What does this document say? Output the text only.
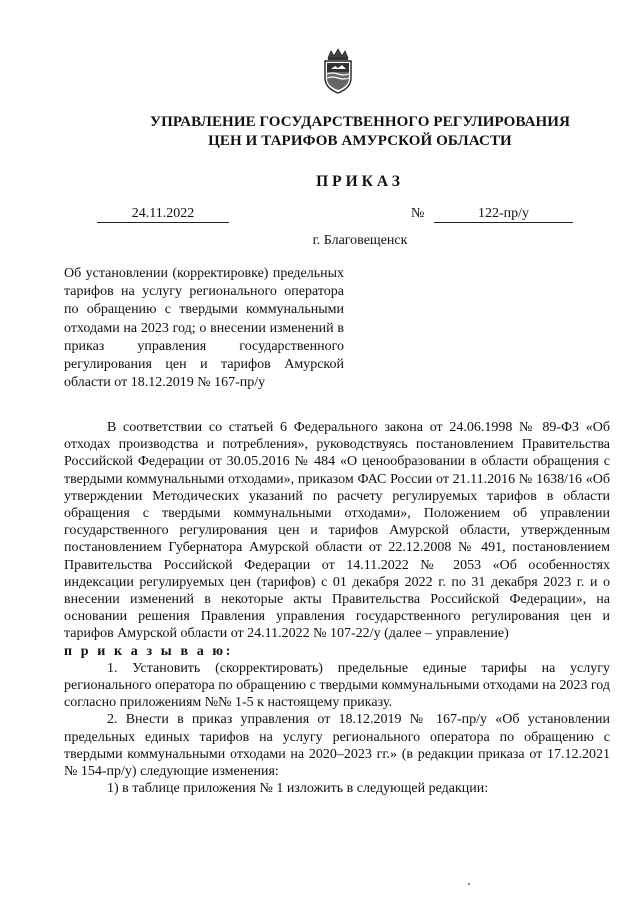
УПРАВЛЕНИЕ ГОСУДАРСТВЕННОГО РЕГУЛИРОВАНИЯ
ЦЕН И ТАРИФОВ АМУРСКОЙ ОБЛАСТИ
ПРИКАЗ
24.11.2022	№	122-пр/у
г. Благовещенск
Об установлении (корректировке) предельных тарифов на услугу регионального оператора по обращению с твердыми коммунальными отходами на 2023 год; о внесении изменений в приказ управления государственного регулирования цен и тарифов Амурской области от 18.12.2019 № 167-пр/у

В соответствии со статьей 6 Федерального закона от 24.06.1998 № 89-ФЗ «Об отходах производства и потребления», руководствуясь постановлением Правительства Российской Федерации от 30.05.2016 № 484 «О ценообразовании в области обращения с твердыми коммунальными отходами», приказом ФАС России от 21.11.2016 № 1638/16 «Об утверждении Методических указаний по расчету регулируемых тарифов в области обращения с твердыми коммунальными отходами», Положением об управлении государственного регулирования цен и тарифов Амурской области, утвержденным постановлением Губернатора Амурской области от 22.12.2008 № 491, постановлением Правительства Российской Федерации от 14.11.2022 № 2053 «Об особенностях индексации регулируемых цен (тарифов) с 01 декабря 2022 г. по 31 декабря 2023 г. и о внесении изменений в некоторые акты Правительства Российской Федерации», на основании решения Правления управления государственного регулирования цен и тарифов Амурской области от 24.11.2022 № 107-22/у (далее – управление)

п р и к а з ы в а ю:

1. Установить (скорректировать) предельные единые тарифы на услугу регионального оператора по обращению с твердыми коммунальными отходами на 2023 год согласно приложениям №№ 1-5 к настоящему приказу.

2. Внести в приказ управления от 18.12.2019 № 167-пр/у «Об установлении предельных единых тарифов на услугу регионального оператора по обращению с твердыми коммунальными отходами на 2020–2023 гг.» (в редакции приказа от 17.12.2021 № 154-пр/у) следующие изменения:

1) в таблице приложения № 1 изложить в следующей редакции:
